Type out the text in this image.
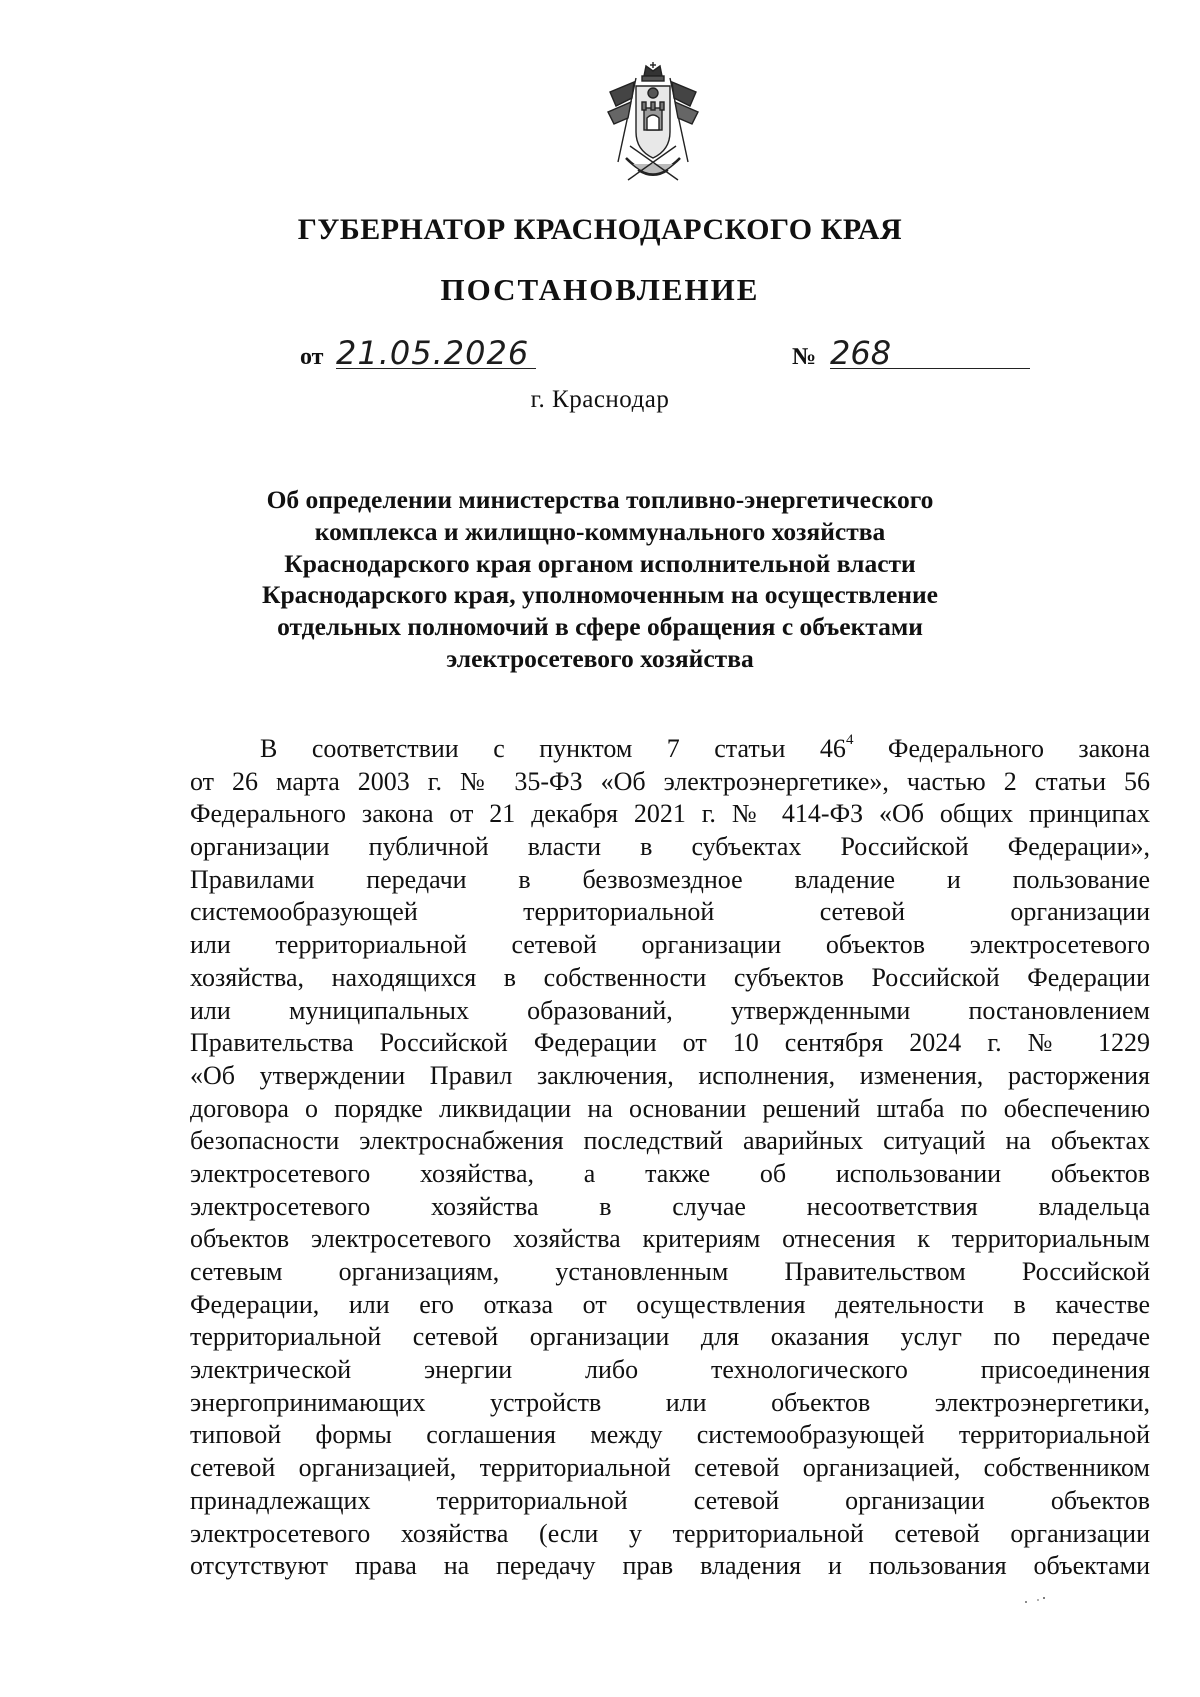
ГУБЕРНАТОР КРАСНОДАРСКОГО КРАЯ
ПОСТАНОВЛЕНИЕ
от 21.05.2026	№ 268
г. Краснодар
Об определении министерства топливно-энергетического
комплекса и жилищно-коммунального хозяйства
Краснодарского края органом исполнительной власти
Краснодарского края, уполномоченным на осуществление
отдельных полномочий в сфере обращения с объектами
электросетевого хозяйства
В соответствии с пунктом 7 статьи $46^4$ Федерального закона
от 26 марта 2003 г. № 35-ФЗ «Об электроэнергетике», частью 2 статьи 56
Федерального закона от 21 декабря 2021 г. № 414-ФЗ «Об общих принципах
организации публичной власти в субъектах Российской Федерации»,
Правилами передачи в безвозмездное владение и пользование
системообразующей территориальной сетевой организации
или территориальной сетевой организации объектов электросетевого
хозяйства, находящихся в собственности субъектов Российской Федерации
или муниципальных образований, утвержденными постановлением
Правительства Российской Федерации от 10 сентября 2024 г. № 1229
«Об утверждении Правил заключения, исполнения, изменения, расторжения
договора о порядке ликвидации на основании решений штаба по обеспечению
безопасности электроснабжения последствий аварийных ситуаций на объектах
электросетевого хозяйства, а также об использовании объектов
электросетевого хозяйства в случае несоответствия владельца
объектов электросетевого хозяйства критериям отнесения к территориальным
сетевым организациям, установленным Правительством Российской
Федерации, или его отказа от осуществления деятельности в качестве
территориальной сетевой организации для оказания услуг по передаче
электрической энергии либо технологического присоединения
энергопринимающих устройств или объектов электроэнергетики,
типовой формы соглашения между системообразующей территориальной
сетевой организацией, территориальной сетевой организацией, собственником
принадлежащих территориальной сетевой организации объектов
электросетевого хозяйства (если у территориальной сетевой организации
отсутствуют права на передачу прав владения и пользования объектами
